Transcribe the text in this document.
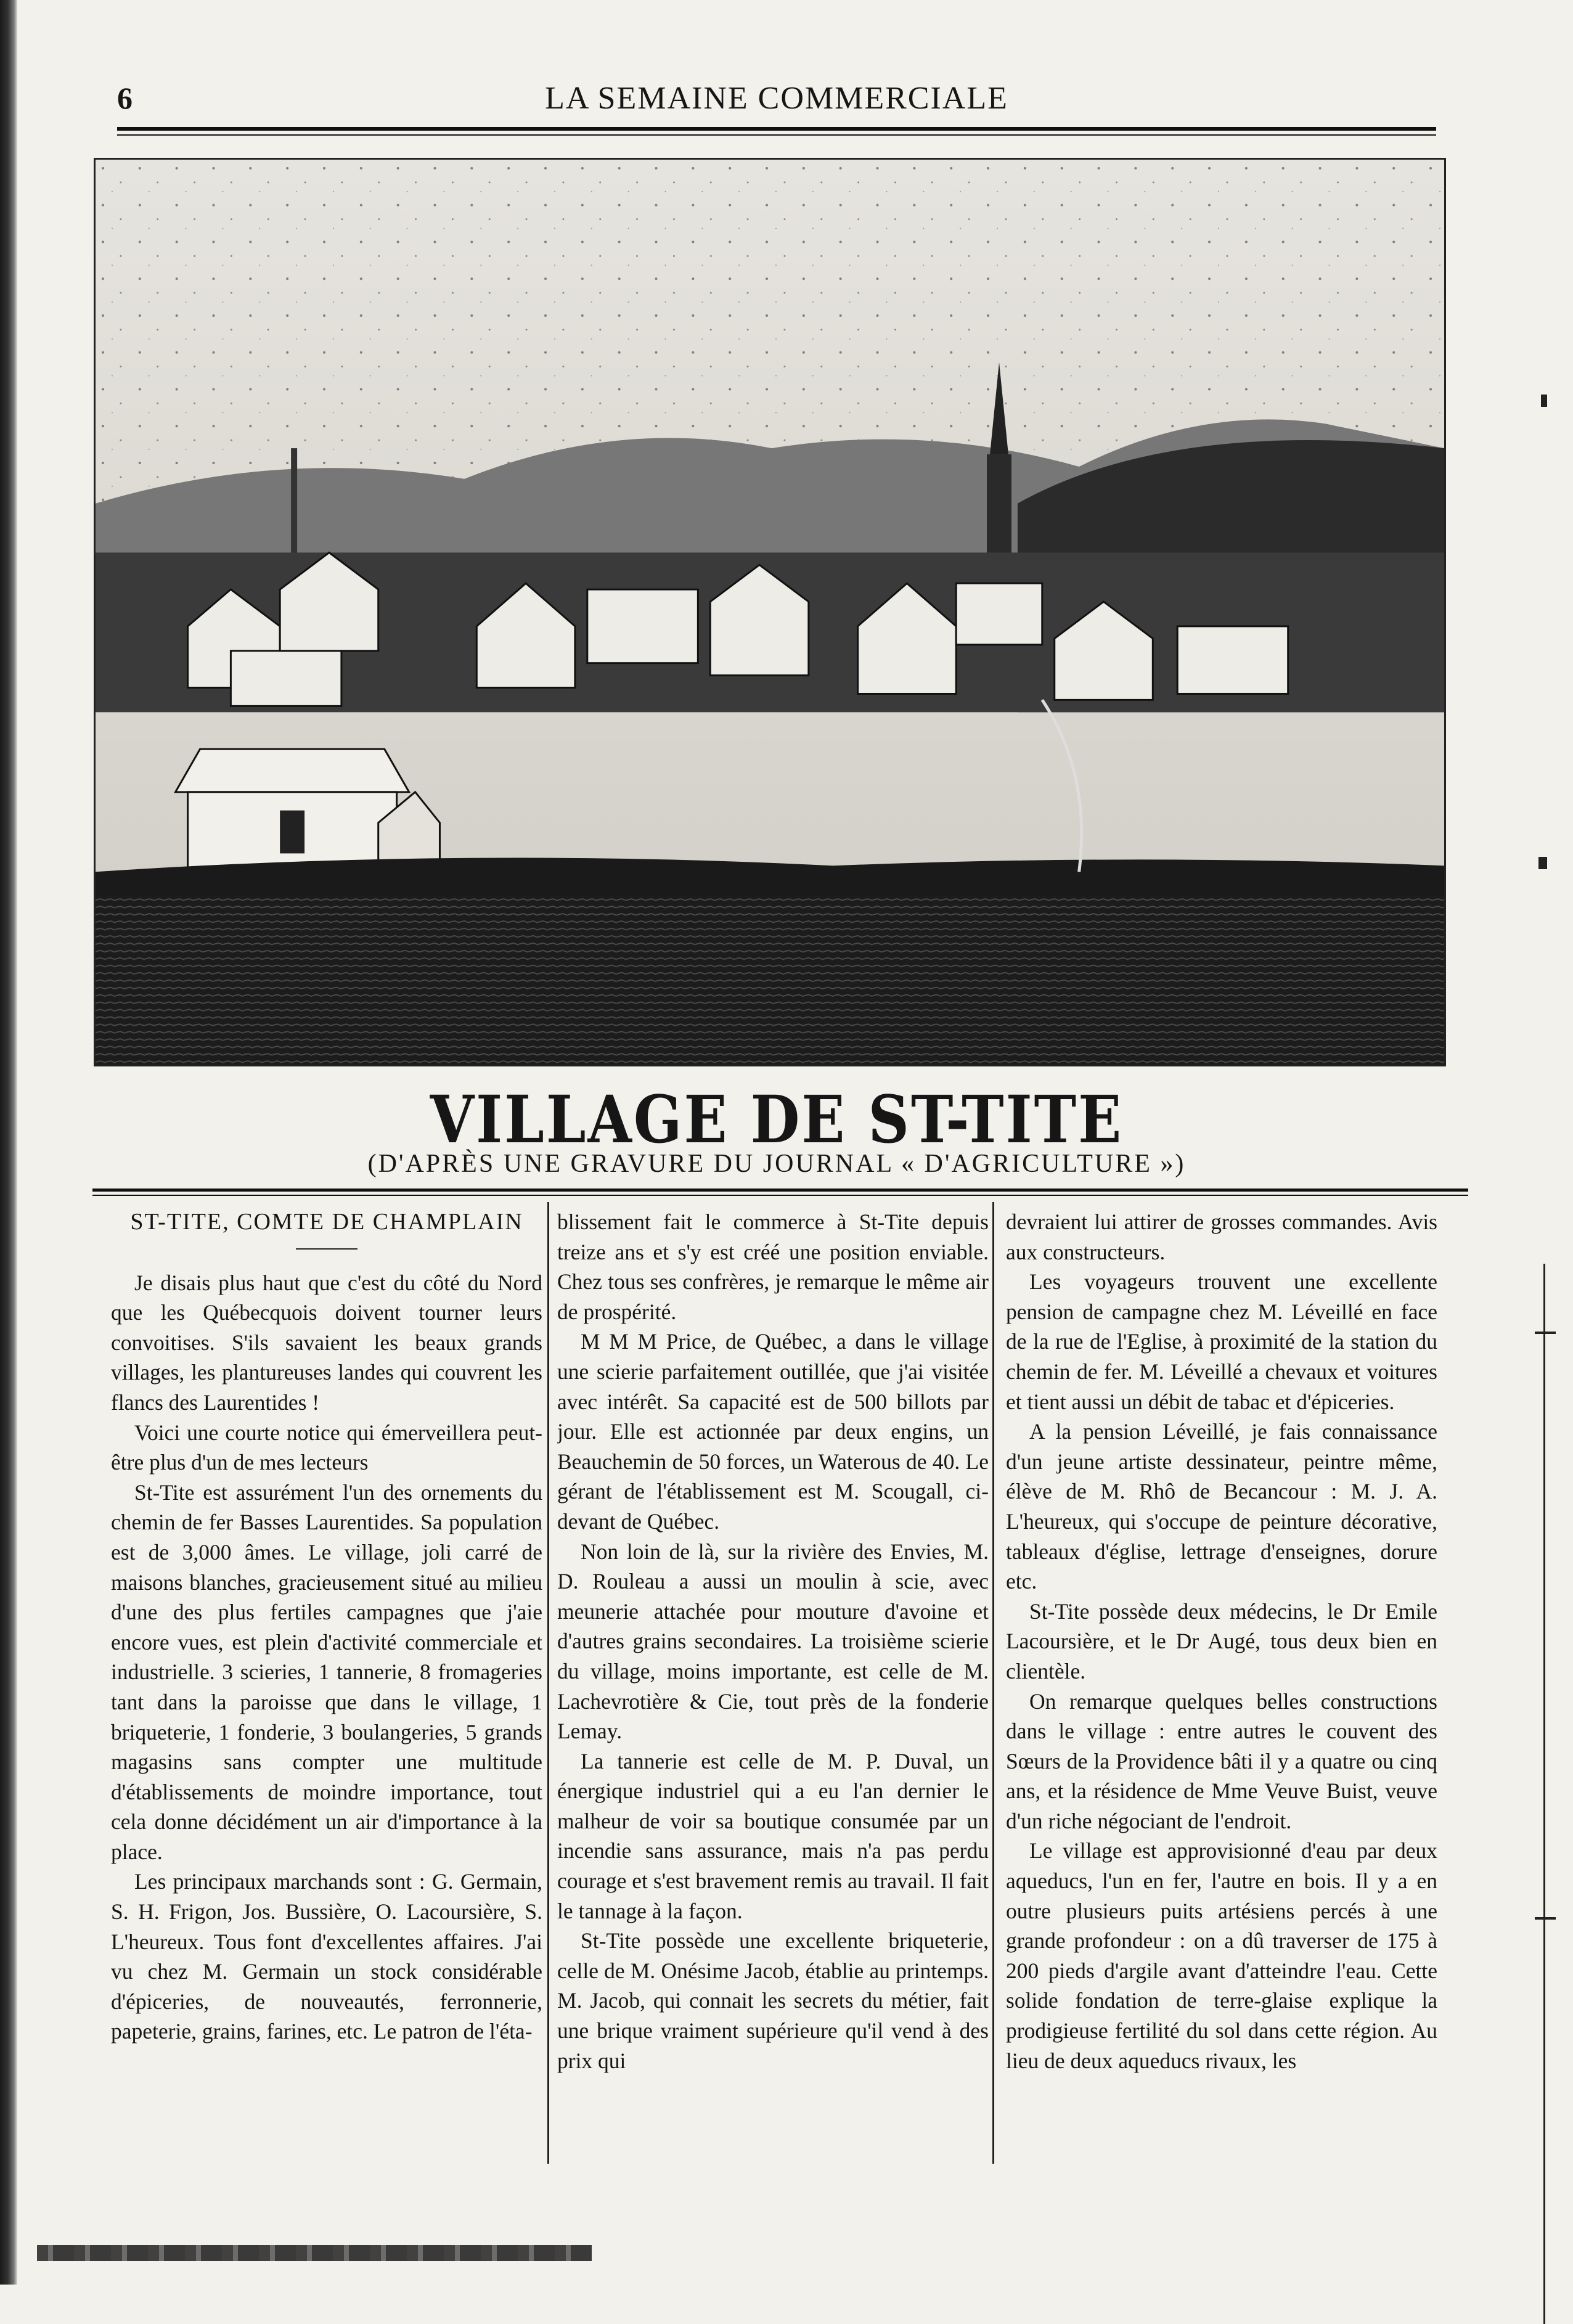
6	LA SEMAINE COMMERCIALE
VILLAGE DE ST-TITE
(D'APRÈS UNE GRAVURE DU JOURNAL « D'AGRICULTURE »)
ST-TITE, COMTE DE CHAMPLAIN

Je disais plus haut que c'est du côté du Nord que les Québecquois doivent tourner leurs convoitises. S'ils savaient les beaux grands villages, les plantureuses landes qui couvrent les flancs des Laurentides !

Voici une courte notice qui émerveillera peut-être plus d'un de mes lecteurs

St-Tite est assurément l'un des ornements du chemin de fer Basses Laurentides. Sa population est de 3,000 âmes. Le village, joli carré de maisons blanches, gracieusement situé au milieu d'une des plus fertiles campagnes que j'aie encore vues, est plein d'activité commerciale et industrielle. 3 scieries, 1 tannerie, 8 fromageries tant dans la paroisse que dans le village, 1 briqueterie, 1 fonderie, 3 boulangeries, 5 grands magasins sans compter une multitude d'établissements de moindre importance, tout cela donne décidément un air d'importance à la place.

Les principaux marchands sont : G. Germain, S. H. Frigon, Jos. Bussière, O. Lacoursière, S. L'heureux. Tous font d'excellentes affaires. J'ai vu chez M. Germain un stock considérable d'épiceries, de nouveautés, ferronnerie, papeterie, grains, farines, etc. Le patron de l'éta-

blissement fait le commerce à St-Tite depuis treize ans et s'y est créé une position enviable. Chez tous ses confrères, je remarque le même air de prospérité.

M M M Price, de Québec, a dans le village une scierie parfaitement outillée, que j'ai visitée avec intérêt. Sa capacité est de 500 billots par jour. Elle est actionnée par deux engins, un Beauchemin de 50 forces, un Waterous de 40. Le gérant de l'établissement est M. Scougall, ci-devant de Québec.

Non loin de là, sur la rivière des Envies, M. D. Rouleau a aussi un moulin à scie, avec meunerie attachée pour mouture d'avoine et d'autres grains secondaires. La troisième scierie du village, moins importante, est celle de M. Lachevrotière & Cie, tout près de la fonderie Lemay.

La tannerie est celle de M. P. Duval, un énergique industriel qui a eu l'an dernier le malheur de voir sa boutique consumée par un incendie sans assurance, mais n'a pas perdu courage et s'est bravement remis au travail. Il fait le tannage à la façon.

St-Tite possède une excellente briqueterie, celle de M. Onésime Jacob, établie au printemps. M. Jacob, qui connait les secrets du métier, fait une brique vraiment supérieure qu'il vend à des prix qui

devraient lui attirer de grosses commandes. Avis aux constructeurs.

Les voyageurs trouvent une excellente pension de campagne chez M. Léveillé en face de la rue de l'Eglise, à proximité de la station du chemin de fer. M. Léveillé a chevaux et voitures et tient aussi un débit de tabac et d'épiceries.

A la pension Léveillé, je fais connaissance d'un jeune artiste dessinateur, peintre même, élève de M. Rhô de Becancour : M. J. A. L'heureux, qui s'occupe de peinture décorative, tableaux d'église, lettrage d'enseignes, dorure etc.

St-Tite possède deux médecins, le Dr Emile Lacoursière, et le Dr Augé, tous deux bien en clientèle.

On remarque quelques belles constructions dans le village : entre autres le couvent des Sœurs de la Providence bâti il y a quatre ou cinq ans, et la résidence de Mme Veuve Buist, veuve d'un riche négociant de l'endroit.

Le village est approvisionné d'eau par deux aqueducs, l'un en fer, l'autre en bois. Il y a en outre plusieurs puits artésiens percés à une grande profondeur : on a dû traverser de 175 à 200 pieds d'argile avant d'atteindre l'eau. Cette solide fondation de terre-glaise explique la prodigieuse fertilité du sol dans cette région. Au lieu de deux aqueducs rivaux, les
